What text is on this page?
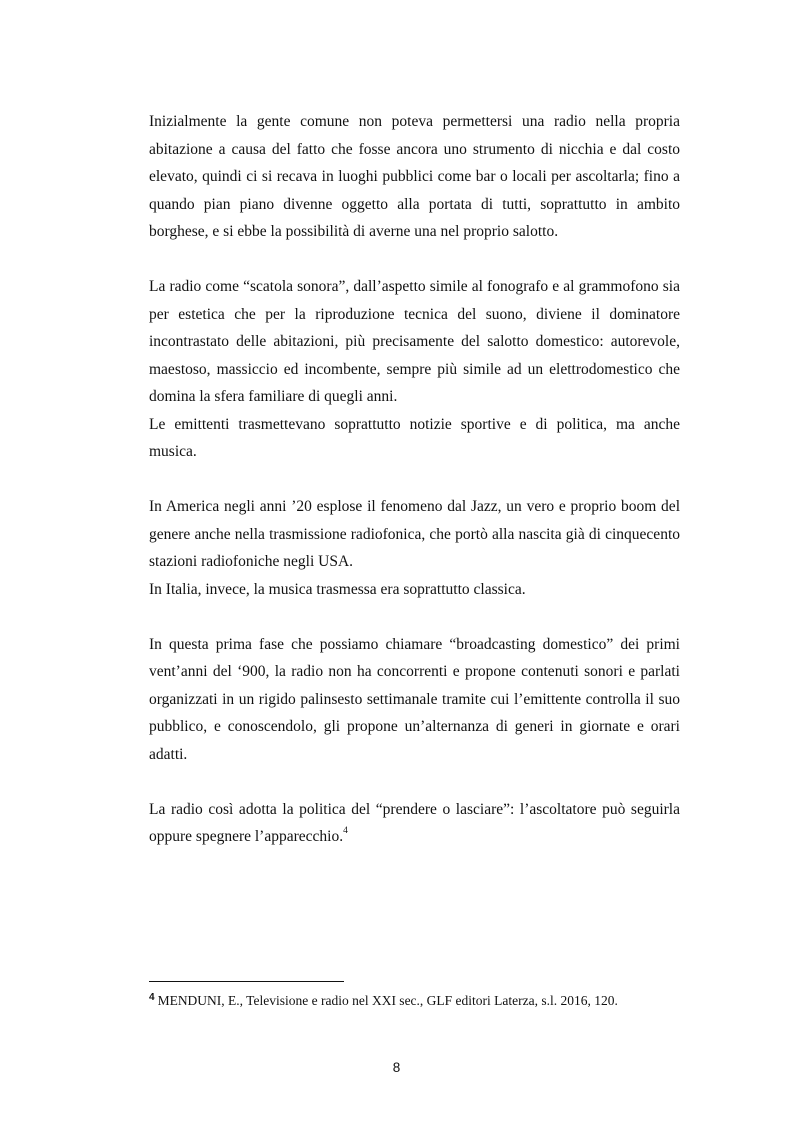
Inizialmente la gente comune non poteva permettersi una radio nella propria abitazione a causa del fatto che fosse ancora uno strumento di nicchia e dal costo elevato, quindi ci si recava in luoghi pubblici come bar o locali per ascoltarla; fino a quando pian piano divenne oggetto alla portata di tutti, soprattutto in ambito borghese, e si ebbe la possibilità di averne una nel proprio salotto.

La radio come “scatola sonora”, dall’aspetto simile al fonografo e al grammofono sia per estetica che per la riproduzione tecnica del suono, diviene il dominatore incontrastato delle abitazioni, più precisamente del salotto domestico: autorevole, maestoso, massiccio ed incombente, sempre più simile ad un elettrodomestico che domina la sfera familiare di quegli anni.
Le emittenti trasmettevano soprattutto notizie sportive e di politica, ma anche musica.

In America negli anni ’20 esplose il fenomeno dal Jazz, un vero e proprio boom del genere anche nella trasmissione radiofonica, che portò alla nascita già di cinquecento stazioni radiofoniche negli USA.
In Italia, invece, la musica trasmessa era soprattutto classica.

In questa prima fase che possiamo chiamare “broadcasting domestico” dei primi vent’anni del ‘900, la radio non ha concorrenti e propone contenuti sonori e parlati organizzati in un rigido palinsesto settimanale tramite cui l’emittente controlla il suo pubblico, e conoscendolo, gli propone un’alternanza di generi in giornate e orari adatti.

La radio così adotta la politica del “prendere o lasciare”: l’ascoltatore può seguirla oppure spegnere l’apparecchio.$^4$

$^4$ MENDUNI, E., Televisione e radio nel XXI sec., GLF editori Laterza, s.l. 2016, 120.
8
